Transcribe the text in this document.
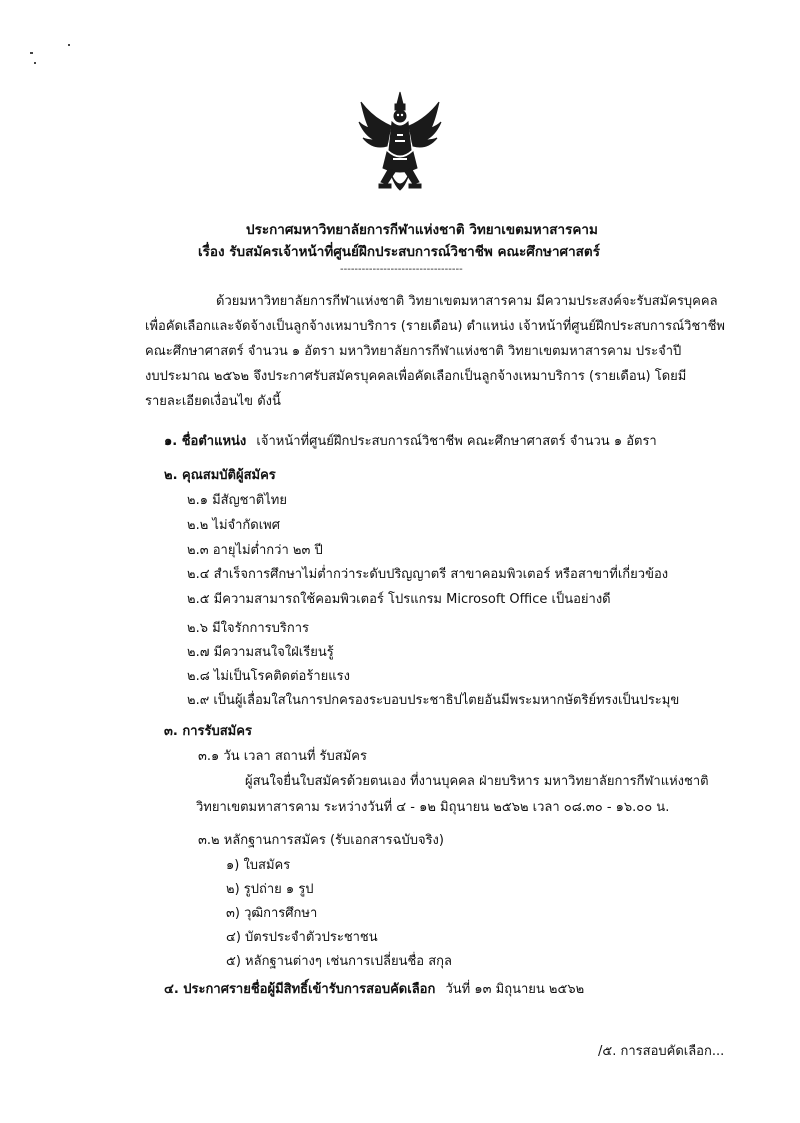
ประกาศมหาวิทยาลัยการกีฬาแห่งชาติ วิทยาเขตมหาสารคาม
เรื่อง รับสมัครเจ้าหน้าที่ศูนย์ฝึกประสบการณ์วิชาชีพ คณะศึกษาศาสตร์
----------------------------------
ด้วยมหาวิทยาลัยการกีฬาแห่งชาติ วิทยาเขตมหาสารคาม มีความประสงค์จะรับสมัครบุคคล
เพื่อคัดเลือกและจัดจ้างเป็นลูกจ้างเหมาบริการ (รายเดือน) ตำแหน่ง เจ้าหน้าที่ศูนย์ฝึกประสบการณ์วิชาชีพ
คณะศึกษาศาสตร์ จำนวน ๑ อัตรา มหาวิทยาลัยการกีฬาแห่งชาติ วิทยาเขตมหาสารคาม ประจำปี
งบประมาณ ๒๕๖๒ จึงประกาศรับสมัครบุคคลเพื่อคัดเลือกเป็นลูกจ้างเหมาบริการ (รายเดือน) โดยมี
รายละเอียดเงื่อนไข ดังนี้
๑. ชื่อตำแหน่ง เจ้าหน้าที่ศูนย์ฝึกประสบการณ์วิชาชีพ คณะศึกษาศาสตร์ จำนวน ๑ อัตรา
๒. คุณสมบัติผู้สมัคร
๒.๑ มีสัญชาติไทย
๒.๒ ไม่จำกัดเพศ
๒.๓ อายุไม่ต่ำกว่า ๒๓ ปี
๒.๔ สำเร็จการศึกษาไม่ต่ำกว่าระดับปริญญาตรี สาขาคอมพิวเตอร์ หรือสาขาที่เกี่ยวข้อง
๒.๕ มีความสามารถใช้คอมพิวเตอร์ โปรแกรม Microsoft Office เป็นอย่างดี
๒.๖ มีใจรักการบริการ
๒.๗ มีความสนใจใฝ่เรียนรู้
๒.๘ ไม่เป็นโรคติดต่อร้ายแรง
๒.๙ เป็นผู้เลื่อมใสในการปกครองระบอบประชาธิปไตยอันมีพระมหากษัตริย์ทรงเป็นประมุข
๓. การรับสมัคร
๓.๑ วัน เวลา สถานที่ รับสมัคร
ผู้สนใจยื่นใบสมัครด้วยตนเอง ที่งานบุคคล ฝ่ายบริหาร มหาวิทยาลัยการกีฬาแห่งชาติ
วิทยาเขตมหาสารคาม ระหว่างวันที่ ๔ - ๑๒ มิถุนายน ๒๕๖๒ เวลา ๐๘.๓๐ - ๑๖.๐๐ น.
๓.๒ หลักฐานการสมัคร (รับเอกสารฉบับจริง)
๑) ใบสมัคร
๒) รูปถ่าย ๑ รูป
๓) วุฒิการศึกษา
๔) บัตรประจำตัวประชาชน
๕) หลักฐานต่างๆ เช่นการเปลี่ยนชื่อ สกุล
๔. ประกาศรายชื่อผู้มีสิทธิ์เข้ารับการสอบคัดเลือก วันที่ ๑๓ มิถุนายน ๒๕๖๒
/๕. การสอบคัดเลือก...
